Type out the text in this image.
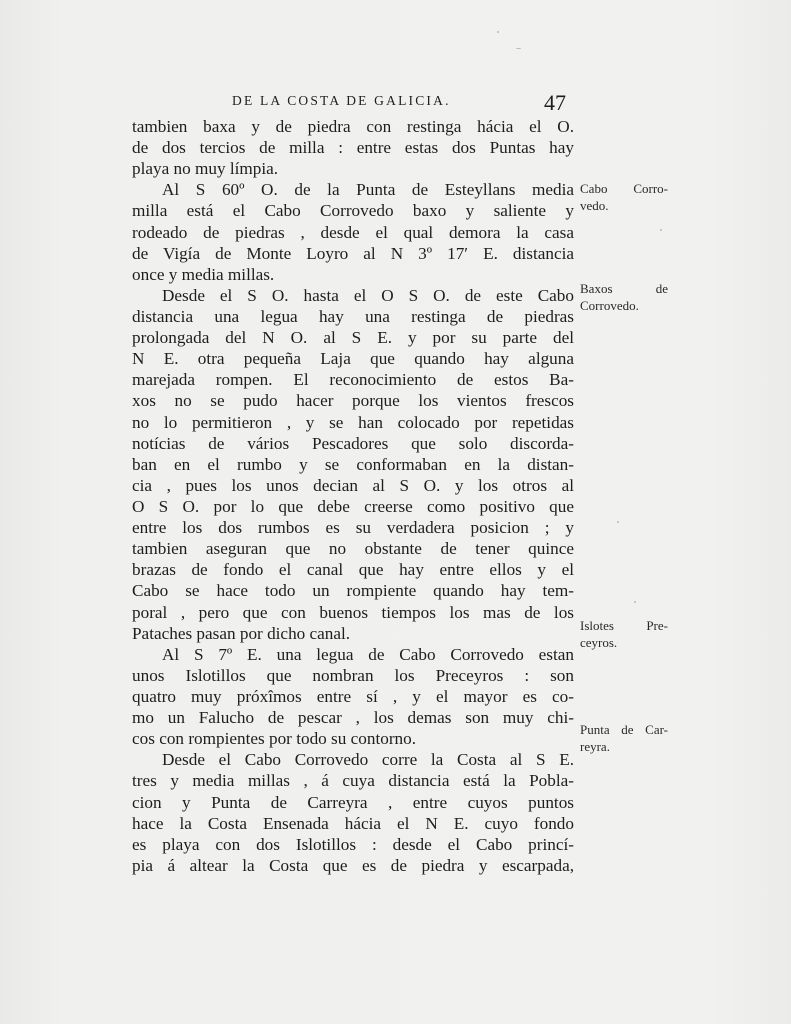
DE LA COSTA DE GALICIA.	47
tambien baxa y de piedra con restinga hácia el O.
de dos tercios de milla : entre estas dos Puntas hay
playa no muy límpia.
Al S 60º O. de la Punta de Esteyllans media
milla está el Cabo Corrovedo baxo y saliente y
rodeado de piedras , desde el qual demora la casa
de Vigía de Monte Loyro al N 3º 17′ E. distancia
once y media millas.
Desde el S O. hasta el O S O. de este Cabo
distancia una legua hay una restinga de piedras
prolongada del N O. al S E. y por su parte del
N E. otra pequeña Laja que quando hay alguna
marejada rompen. El reconocimiento de estos Ba-
xos no se pudo hacer porque los vientos frescos
no lo permitieron , y se han colocado por repetidas
notícias de vários Pescadores que solo discorda-
ban en el rumbo y se conformaban en la distan-
cia , pues los unos decian al S O. y los otros al
O S O. por lo que debe creerse como positivo que
entre los dos rumbos es su verdadera posicion ; y
tambien aseguran que no obstante de tener quince
brazas de fondo el canal que hay entre ellos y el
Cabo se hace todo un rompiente quando hay tem-
poral , pero que con buenos tiempos los mas de los
Pataches pasan por dicho canal.
Al S 7º E. una legua de Cabo Corrovedo estan
unos Islotillos que nombran los Preceyros : son
quatro muy próxîmos entre sí , y el mayor es co-
mo un Falucho de pescar , los demas son muy chi-
cos con rompientes por todo su contorno.
Desde el Cabo Corrovedo corre la Costa al S E.
tres y media millas , á cuya distancia está la Pobla-
cion y Punta de Carreyra , entre cuyos puntos
hace la Costa Ensenada hácia el N E. cuyo fondo
es playa con dos Islotillos : desde el Cabo princí-
pia á altear la Costa que es de piedra y escarpada,
Cabo Corro-
vedo.
Baxos de
Corrovedo.
Islotes Pre-
ceyros.
Punta de Car-
reyra.
